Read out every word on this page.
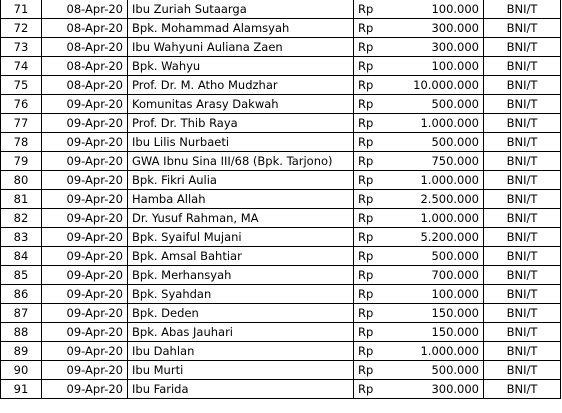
71	08-Apr-20	Ibu Zuriah Sutaarga	Rp	100.000	BNI/T
72	08-Apr-20	Bpk. Mohammad Alamsyah	Rp	300.000	BNI/T
73	08-Apr-20	Ibu Wahyuni Auliana Zaen	Rp	300.000	BNI/T
74	08-Apr-20	Bpk. Wahyu	Rp	100.000	BNI/T
75	08-Apr-20	Prof. Dr. M. Atho Mudzhar	Rp	10.000.000	BNI/T
76	09-Apr-20	Komunitas Arasy Dakwah	Rp	500.000	BNI/T
77	09-Apr-20	Prof. Dr. Thib Raya	Rp	1.000.000	BNI/T
78	09-Apr-20	Ibu Lilis Nurbaeti	Rp	500.000	BNI/T
79	09-Apr-20	GWA Ibnu Sina III/68 (Bpk. Tarjono)	Rp	750.000	BNI/T
80	09-Apr-20	Bpk. Fikri Aulia	Rp	1.000.000	BNI/T
81	09-Apr-20	Hamba Allah	Rp	2.500.000	BNI/T
82	09-Apr-20	Dr. Yusuf Rahman, MA	Rp	1.000.000	BNI/T
83	09-Apr-20	Bpk. Syaiful Mujani	Rp	5.200.000	BNI/T
84	09-Apr-20	Bpk. Amsal Bahtiar	Rp	500.000	BNI/T
85	09-Apr-20	Bpk. Merhansyah	Rp	700.000	BNI/T
86	09-Apr-20	Bpk. Syahdan	Rp	100.000	BNI/T
87	09-Apr-20	Bpk. Deden	Rp	150.000	BNI/T
88	09-Apr-20	Bpk. Abas Jauhari	Rp	150.000	BNI/T
89	09-Apr-20	Ibu Dahlan	Rp	1.000.000	BNI/T
90	09-Apr-20	Ibu Murti	Rp	500.000	BNI/T
91	09-Apr-20	Ibu Farida	Rp	300.000	BNI/T
